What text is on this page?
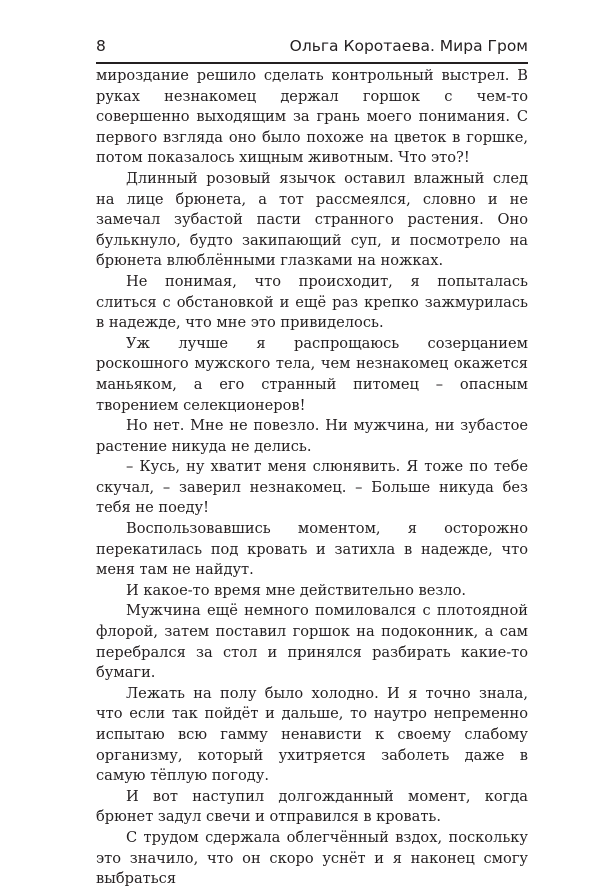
8	Ольга Коротаева. Мира Гром

мироздание решило сделать контрольный выстрел. В руках незнакомец держал горшок с чем-то совершенно выходящим за грань моего понимания. С первого взгляда оно было похоже на цветок в горшке, потом показалось хищным животным. Что это?!

Длинный розовый язычок оставил влажный след на лице брюнета, а тот рассмеялся, словно и не замечал зубастой пасти странного растения. Оно булькнуло, будто закипающий суп, и посмотрело на брюнета влюблёнными глазками на ножках.

Не понимая, что происходит, я попыталась слиться с обстановкой и ещё раз крепко зажмурилась в надежде, что мне это привиделось.

Уж лучше я распрощаюсь созерцанием роскошного мужского тела, чем незнакомец окажется маньяком, а его странный питомец – опасным творением селекционеров!

Но нет. Мне не повезло. Ни мужчина, ни зубастое растение никуда не делись.

– Кусь, ну хватит меня слюнявить. Я тоже по тебе скучал, – заверил незнакомец. – Больше никуда без тебя не поеду!

Воспользовавшись моментом, я осторожно перекатилась под кровать и затихла в надежде, что меня там не найдут.

И какое-то время мне действительно везло.

Мужчина ещё немного помиловался с плотоядной флорой, затем поставил горшок на подоконник, а сам перебрался за стол и принялся разбирать какие-то бумаги.

Лежать на полу было холодно. И я точно знала, что если так пойдёт и дальше, то наутро непременно испытаю всю гамму ненависти к своему слабому организму, который ухитряется заболеть даже в самую тёплую погоду.

И вот наступил долгожданный момент, когда брюнет задул свечи и отправился в кровать.

С трудом сдержала облегчённый вздох, поскольку это значило, что он скоро уснёт и я наконец смогу выбраться
